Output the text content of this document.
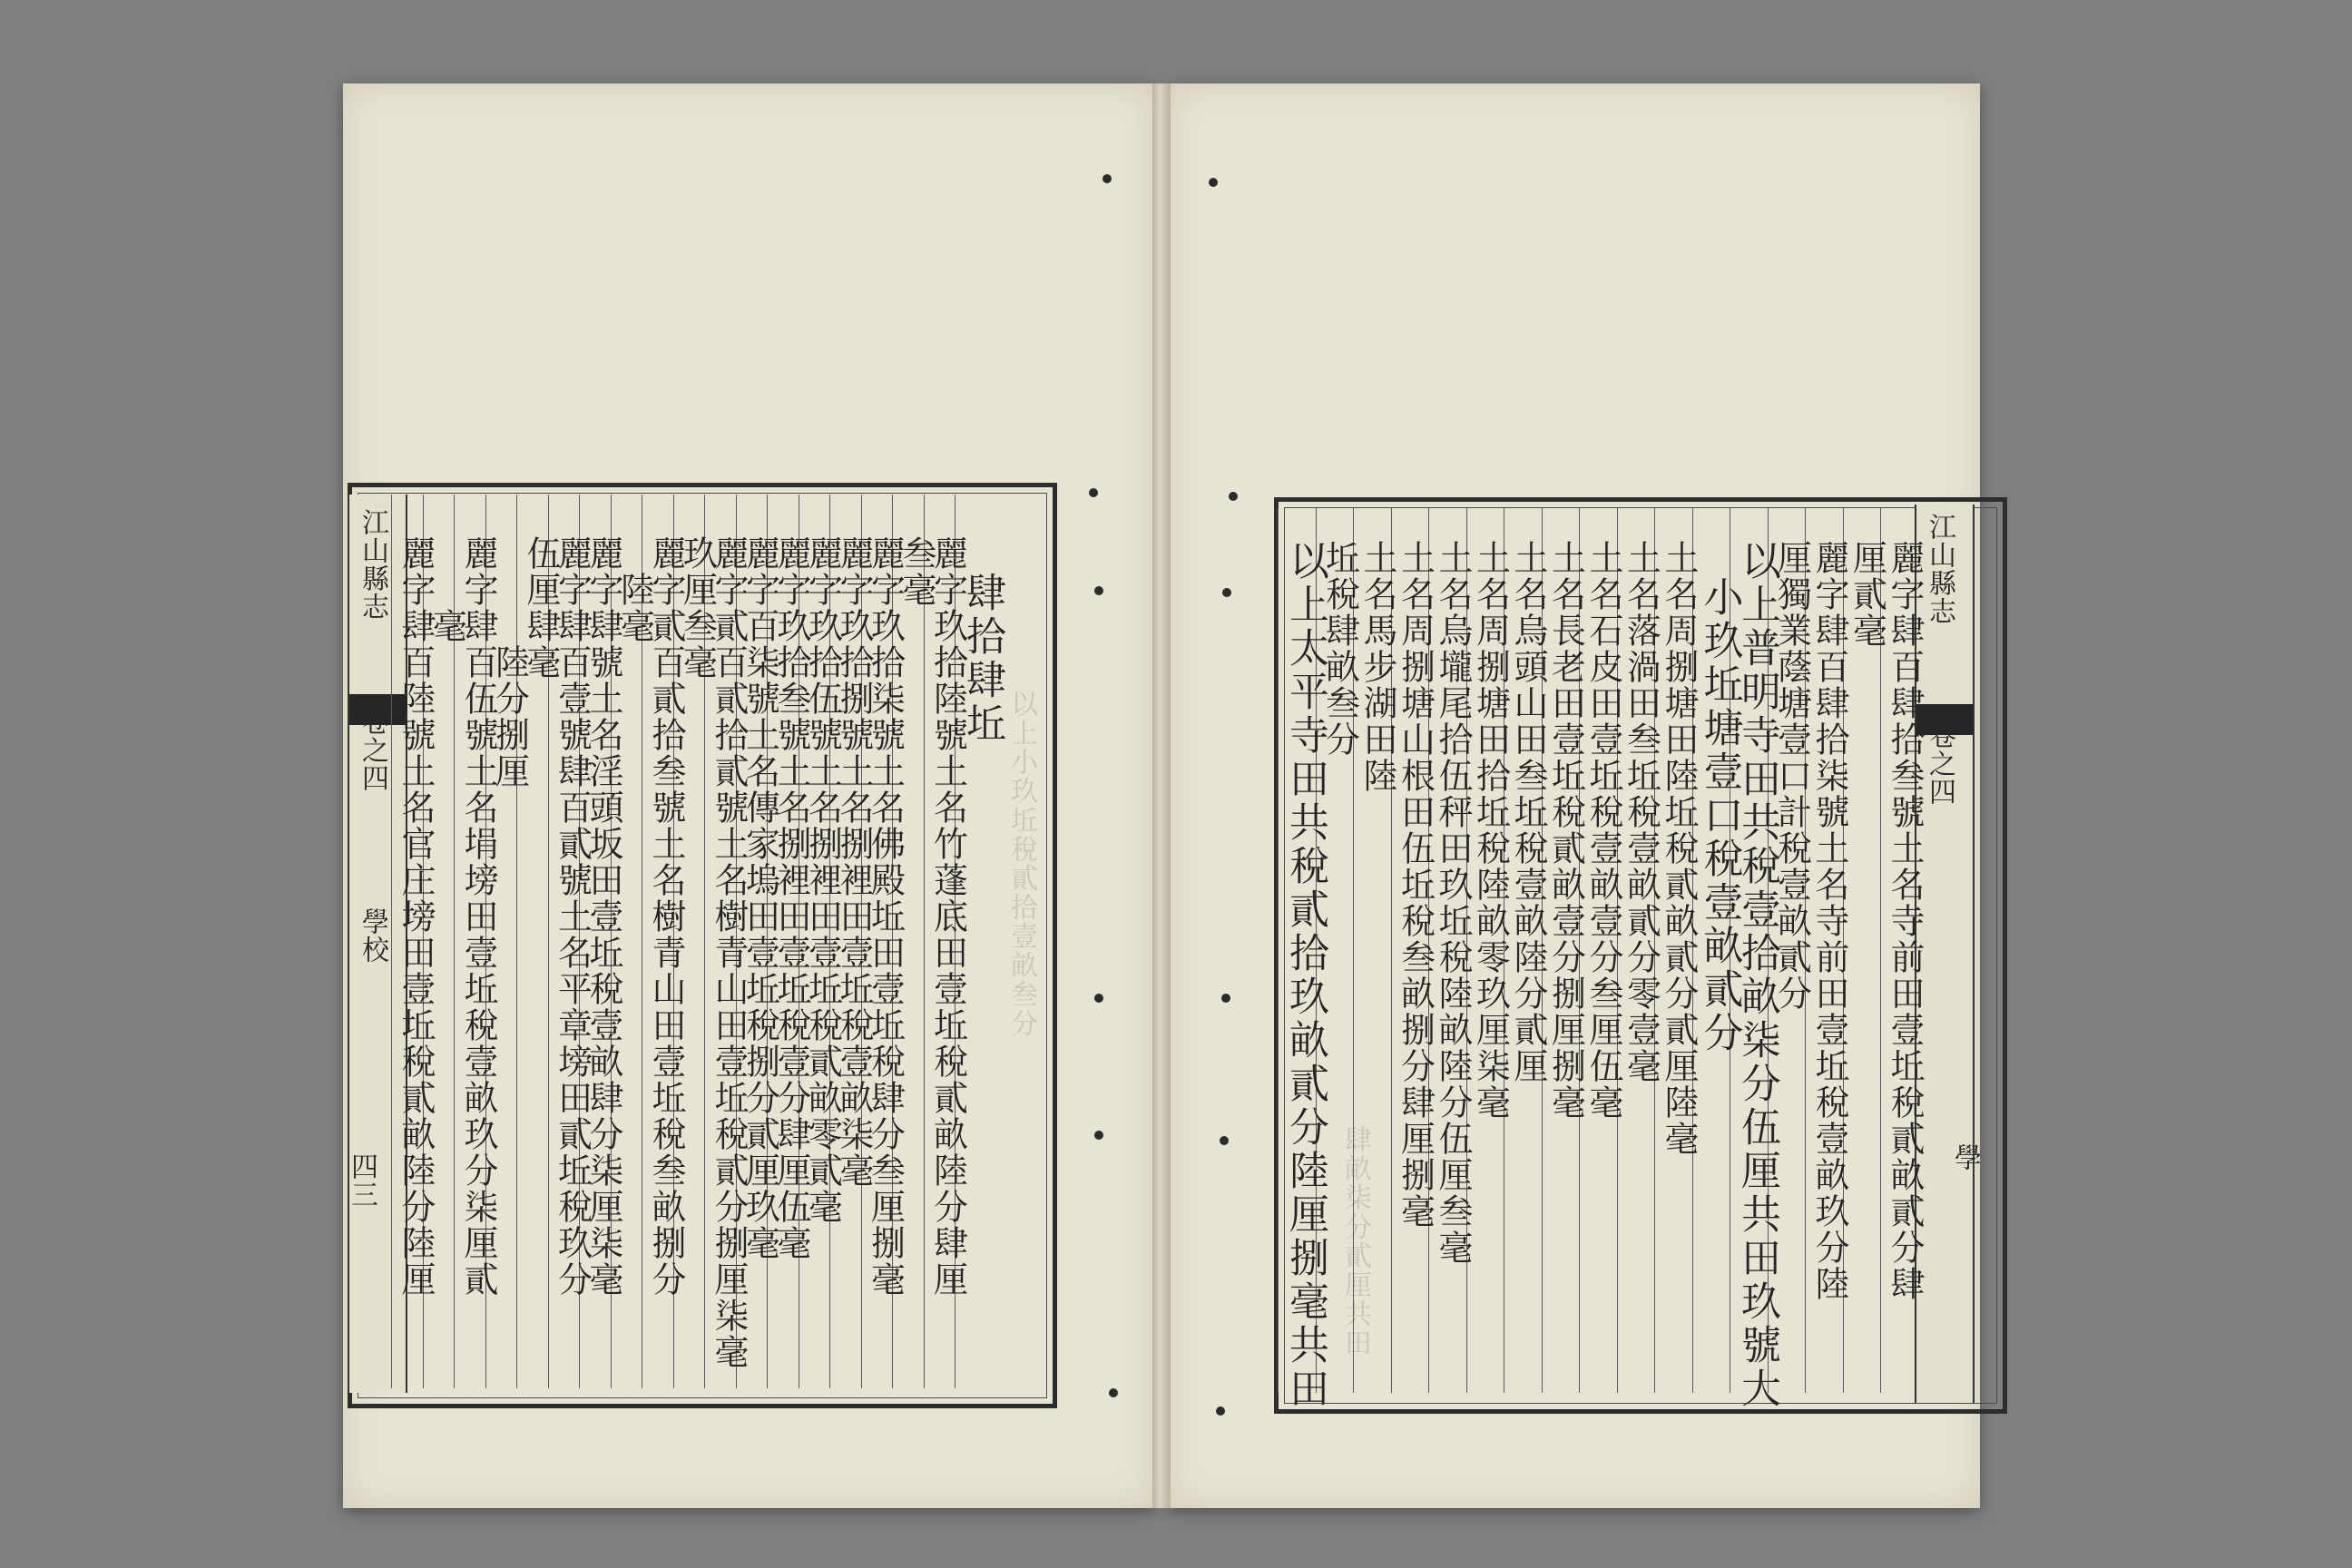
江山縣志
卷之四
學校
四三
肆拾肆坵
麗字玖拾陸號土名竹蓬底田壹坵稅貳畝陸分肆厘
叁毫
麗字玖拾柒號土名佛殿坵田壹坵稅肆分叁厘捌毫
麗字玖拾捌號土名捌裡田壹坵稅壹畝柒毫
麗字玖拾伍號土名捌裡田壹坵稅貳畝零貳毫
麗字玖拾叁號土名捌裡田壹坵稅壹分肆厘伍毫
麗字百柒號土名傳家塢田壹坵稅捌分貳厘玖毫
麗字貳百貳拾貳號土名樹青山田壹坵稅貳分捌厘柒毫
玖厘叁毫
麗字貳百貳拾叁號土名樹青山田壹坵稅叁畝捌分
陸毫
麗字肆號土名淫頭坂田壹坵稅壹畝肆分柒厘柒毫
麗字肆百壹號肆百貳號土名平章塝田貳坵稅玖分
伍厘肆毫
陸分捌厘
麗字肆百伍號土名埍塝田壹坵稅壹畝玖分柒厘貳
毫
麗字肆百陸號土名官庄塝田壹坵稅貳畝陸分陸厘	以上小玖坵稅貳拾壹畝叁分
江山縣志
卷之四
學
麗字肆百肆拾叁號土名寺前田壹坵稅貳畝貳分肆
厘貳毫
麗字肆百肆拾柒號土名寺前田壹坵稅壹畝玖分陸
厘獨業蔭塘壹口計稅壹畝貳分
以上普明寺田共稅壹拾畝柒分伍厘共田玖號大
小玖坵塘壹口稅壹畝貳分
土名周捌塘田陸坵稅貳畝貳分貳厘陸毫
土名落渦田叁坵稅壹畝貳分零壹毫
土名石皮田壹坵稅壹畝壹分叁厘伍毫
土名長老田壹坵稅貳畝壹分捌厘捌毫
土名烏頭山田叁坵稅壹畝陸分貳厘
土名周捌塘田拾坵稅陸畝零玖厘柒毫
土名烏壠尾拾伍秤田玖坵稅陸畝陸分伍厘叁毫
土名周捌塘山根田伍坵稅叁畝捌分肆厘捌毫
土名馬步湖田陸
坵稅肆畝叁分
以上太平寺田共稅貳拾玖畝貳分陸厘捌毫共田 肆畝柒分貳厘共田
